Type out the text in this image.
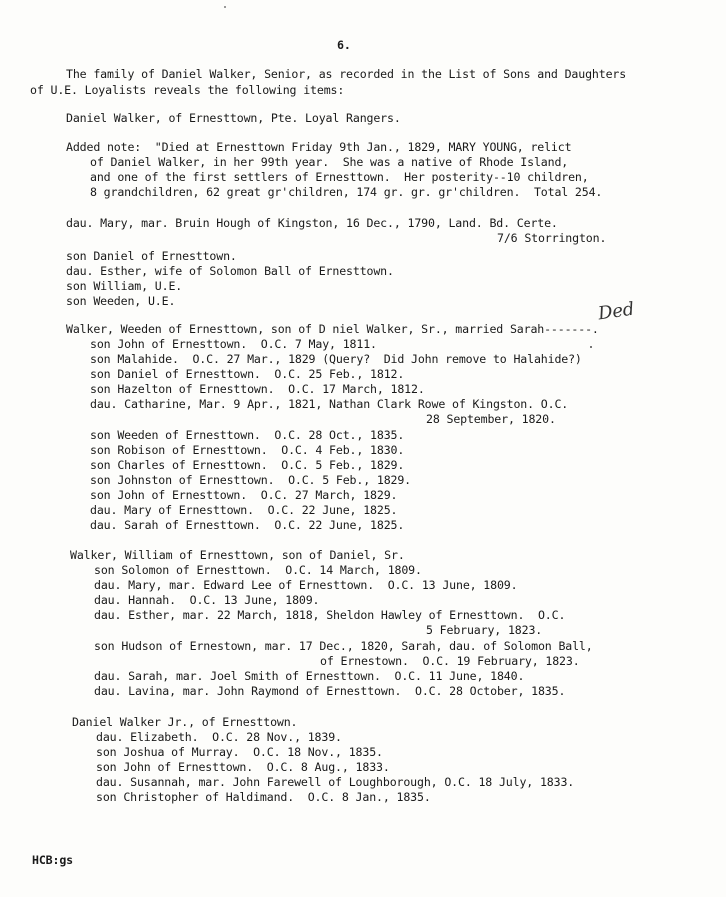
6.
The family of Daniel Walker, Senior, as recorded in the List of Sons and Daughters
of U.E. Loyalists reveals the following items:
Daniel Walker, of Ernesttown, Pte. Loyal Rangers.
Added note:  "Died at Ernesttown Friday 9th Jan., 1829, MARY YOUNG, relict
of Daniel Walker, in her 99th year.  She was a native of Rhode Island,
and one of the first settlers of Ernesttown.  Her posterity--10 children,
8 grandchildren, 62 great gr'children, 174 gr. gr. gr'children.  Total 254.
dau. Mary, mar. Bruin Hough of Kingston, 16 Dec., 1790, Land. Bd. Certe.
7/6 Storrington.
son Daniel of Ernesttown.
dau. Esther, wife of Solomon Ball of Ernesttown.
son William, U.E.
son Weeden, U.E.
Walker, Weeden of Ernesttown, son of D niel Walker, Sr., married Sarah-------.
Ded
son John of Ernesttown.  O.C. 7 May, 1811.
son Malahide.  O.C. 27 Mar., 1829 (Query?  Did John remove to Halahide?)
son Daniel of Ernesttown.  O.C. 25 Feb., 1812.
son Hazelton of Ernesttown.  O.C. 17 March, 1812.
dau. Catharine, Mar. 9 Apr., 1821, Nathan Clark Rowe of Kingston. O.C.
28 September, 1820.
son Weeden of Ernesttown.  O.C. 28 Oct., 1835.
son Robison of Ernesttown.  O.C. 4 Feb., 1830.
son Charles of Ernesttown.  O.C. 5 Feb., 1829.
son Johnston of Ernesttown.  O.C. 5 Feb., 1829.
son John of Ernesttown.  O.C. 27 March, 1829.
dau. Mary of Ernesttown.  O.C. 22 June, 1825.
dau. Sarah of Ernesttown.  O.C. 22 June, 1825.
Walker, William of Ernesttown, son of Daniel, Sr.
son Solomon of Ernesttown.  O.C. 14 March, 1809.
dau. Mary, mar. Edward Lee of Ernesttown.  O.C. 13 June, 1809.
dau. Hannah.  O.C. 13 June, 1809.
dau. Esther, mar. 22 March, 1818, Sheldon Hawley of Ernesttown.  O.C.
5 February, 1823.
son Hudson of Ernestown, mar. 17 Dec., 1820, Sarah, dau. of Solomon Ball,
of Ernestown.  O.C. 19 February, 1823.
dau. Sarah, mar. Joel Smith of Ernesttown.  O.C. 11 June, 1840.
dau. Lavina, mar. John Raymond of Ernesttown.  O.C. 28 October, 1835.
Daniel Walker Jr., of Ernesttown.
dau. Elizabeth.  O.C. 28 Nov., 1839.
son Joshua of Murray.  O.C. 18 Nov., 1835.
son John of Ernesttown.  O.C. 8 Aug., 1833.
dau. Susannah, mar. John Farewell of Loughborough, O.C. 18 July, 1833.
son Christopher of Haldimand.  O.C. 8 Jan., 1835.
HCB:gs
